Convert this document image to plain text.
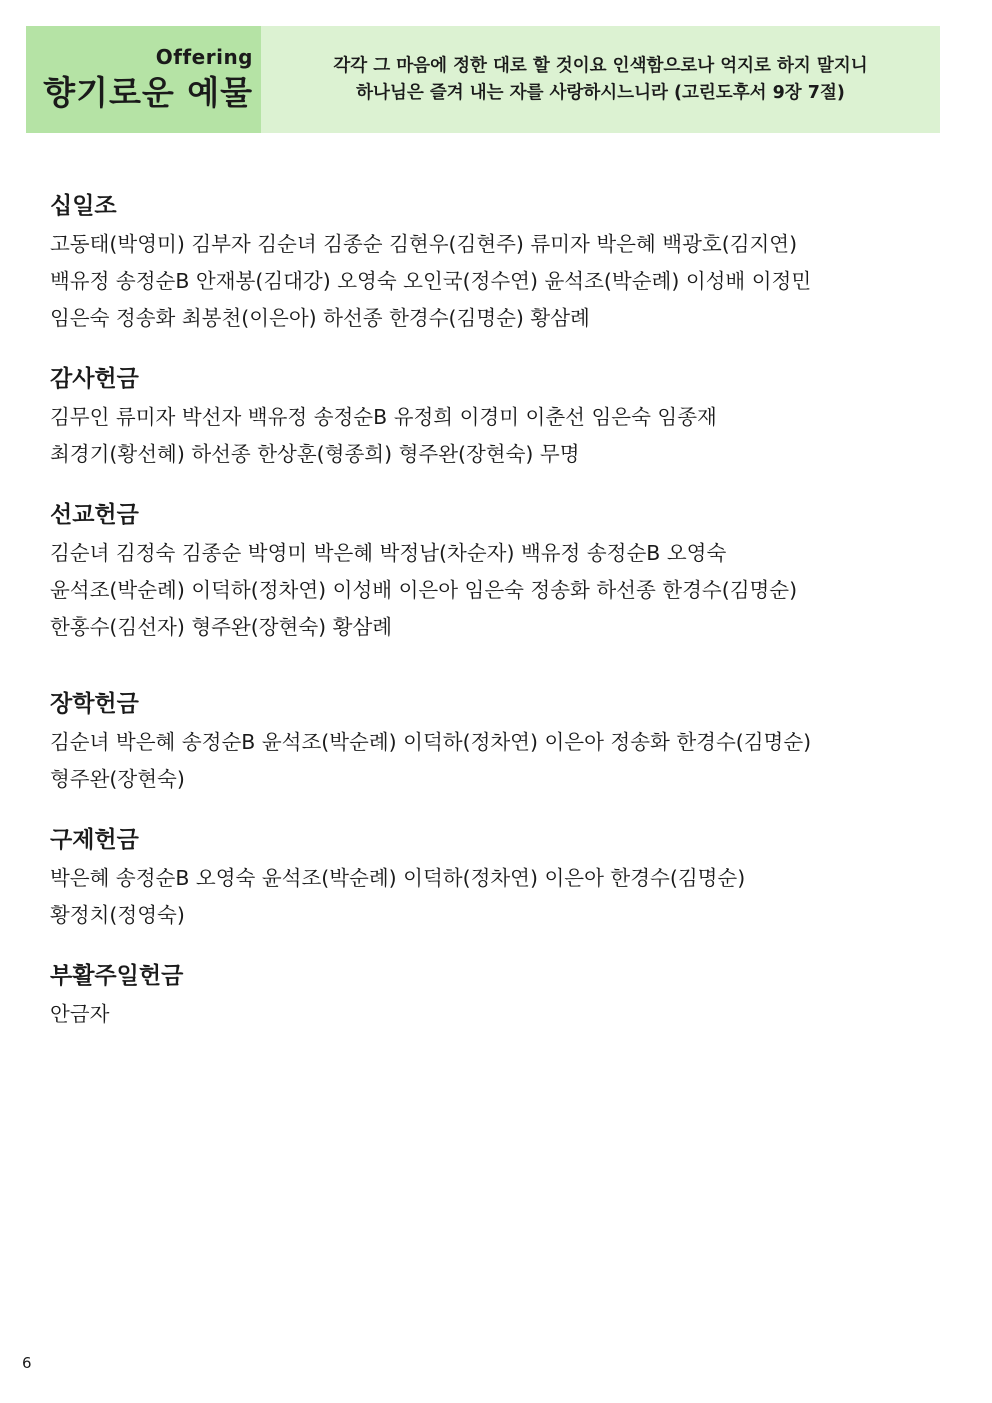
Offering
향기로운 예물
각각 그 마음에 정한 대로 할 것이요 인색함으로나 억지로 하지 말지니
하나님은 즐겨 내는 자를 사랑하시느니라 (고린도후서 9장 7절)
십일조
고동태(박영미) 김부자 김순녀 김종순 김현우(김현주) 류미자 박은혜 백광호(김지연)
백유정 송정순B 안재봉(김대강) 오영숙 오인국(정수연) 윤석조(박순례) 이성배 이정민
임은숙 정송화 최봉천(이은아) 하선종 한경수(김명순) 황삼례
감사헌금
김무인 류미자 박선자 백유정 송정순B 유정희 이경미 이춘선 임은숙 임종재
최경기(황선혜) 하선종 한상훈(형종희) 형주완(장현숙) 무명
선교헌금
김순녀 김정숙 김종순 박영미 박은혜 박정남(차순자) 백유정 송정순B 오영숙
윤석조(박순례) 이덕하(정차연) 이성배 이은아 임은숙 정송화 하선종 한경수(김명순)
한홍수(김선자) 형주완(장현숙) 황삼례
장학헌금
김순녀 박은혜 송정순B 윤석조(박순례) 이덕하(정차연) 이은아 정송화 한경수(김명순)
형주완(장현숙)
구제헌금
박은혜 송정순B 오영숙 윤석조(박순례) 이덕하(정차연) 이은아 한경수(김명순)
황정치(정영숙)
부활주일헌금
안금자
6
